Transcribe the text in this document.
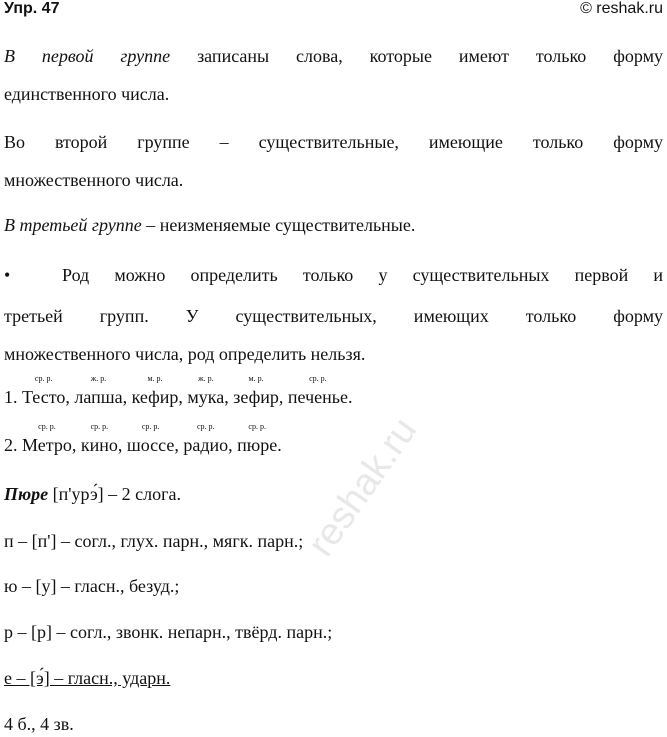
Упр. 47	© reshak.ru
В первой группе записаны слова, которые имеют только форму
единственного числа.
Во второй группе – существительные, имеющие только форму
множественного числа.
В третьей группе – неизменяемые существительные.
•	Род можно определить только у существительных первой и
третьей групп. У существительных, имеющих только форму
множественного числа, род определить нельзя.
1.
ср. р.
Тесто,
ж. р.
лапша,
м. р.
кефир,
ж. р.
мука,
м. р.
зефир,
ср. р.
печенье.
2.
ср. р.
Метро,
ср. р.
кино,
ср. р.
шоссе,
ср. р.
радио,
ср. р.
пюре.
Пюре [п'урэ́] – 2 слога.
п – [п'] – согл., глух. парн., мягк. парн.;
ю – [у] – гласн., безуд.;
р – [р] – согл., звонк. непарн., твёрд. парн.;
е – [э́] – гласн., ударн.
4 б., 4 зв.
reshak.ru
